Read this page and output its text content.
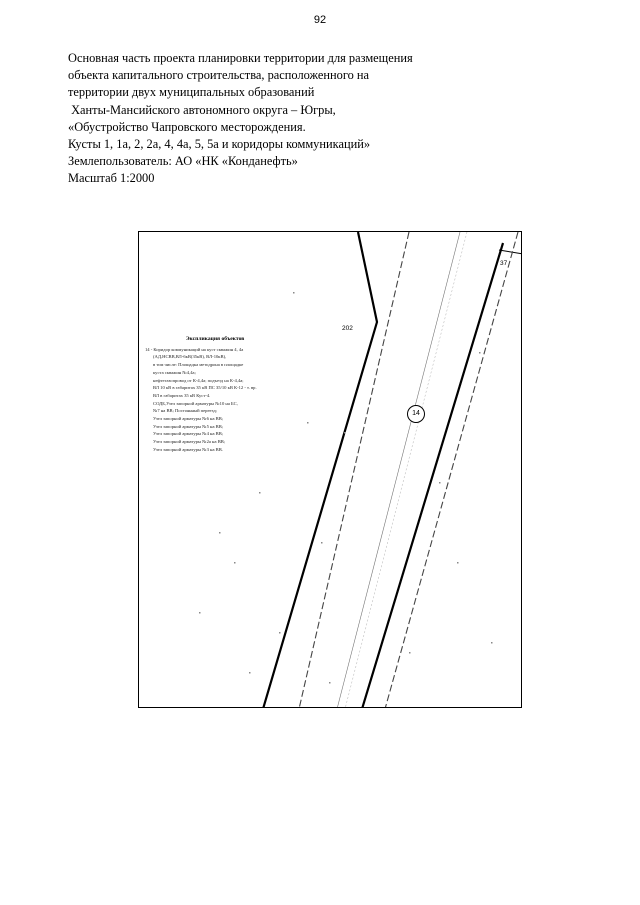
92
Основная часть проекта планировки территории для размещения
объекта капитального строительства, расположенного на
территории двух муниципальных образований
Ханты-Мансийского автономного округа – Югры,
«Обустройство Чапровского месторождения.
Кусты 1, 1а, 2, 2а, 4, 4а, 5, 5а и коридоры коммуникаций»
Землепользователь: АО «НК «Конданефть»
Масштаб 1:2000
37
202
14
Экспликация объектов
14 - Коридор коммуникаций на куст скважин 4, 4а
(АД,НСВВ,ВЛ-6кВ(35кВ), ВЛ-10кВ),
в том числе: Площадка методрона в площадке
куста скважин №4,4а;
нефтегазопровод от К-4,4а; подъезд на К-4,4а;
ВЛ 10 кВ в габаритах 35 кВ ПС 35/10 кВ К-12 - т. вр.
ВЛ в габаритах 35 кВ Куст-4.
СОДБ,Узел запорной арматуры №10 на БС,
№7 на ВВ; Постоянный переезд;
Узел запорной арматуры №6 на ВВ;
Узел запорной арматуры №5 на ВВ;
Узел запорной арматуры №4 на ВВ;
Узел запорной арматуры №2а на ВВ;
Узел запорной арматуры №3 на ВВ.
